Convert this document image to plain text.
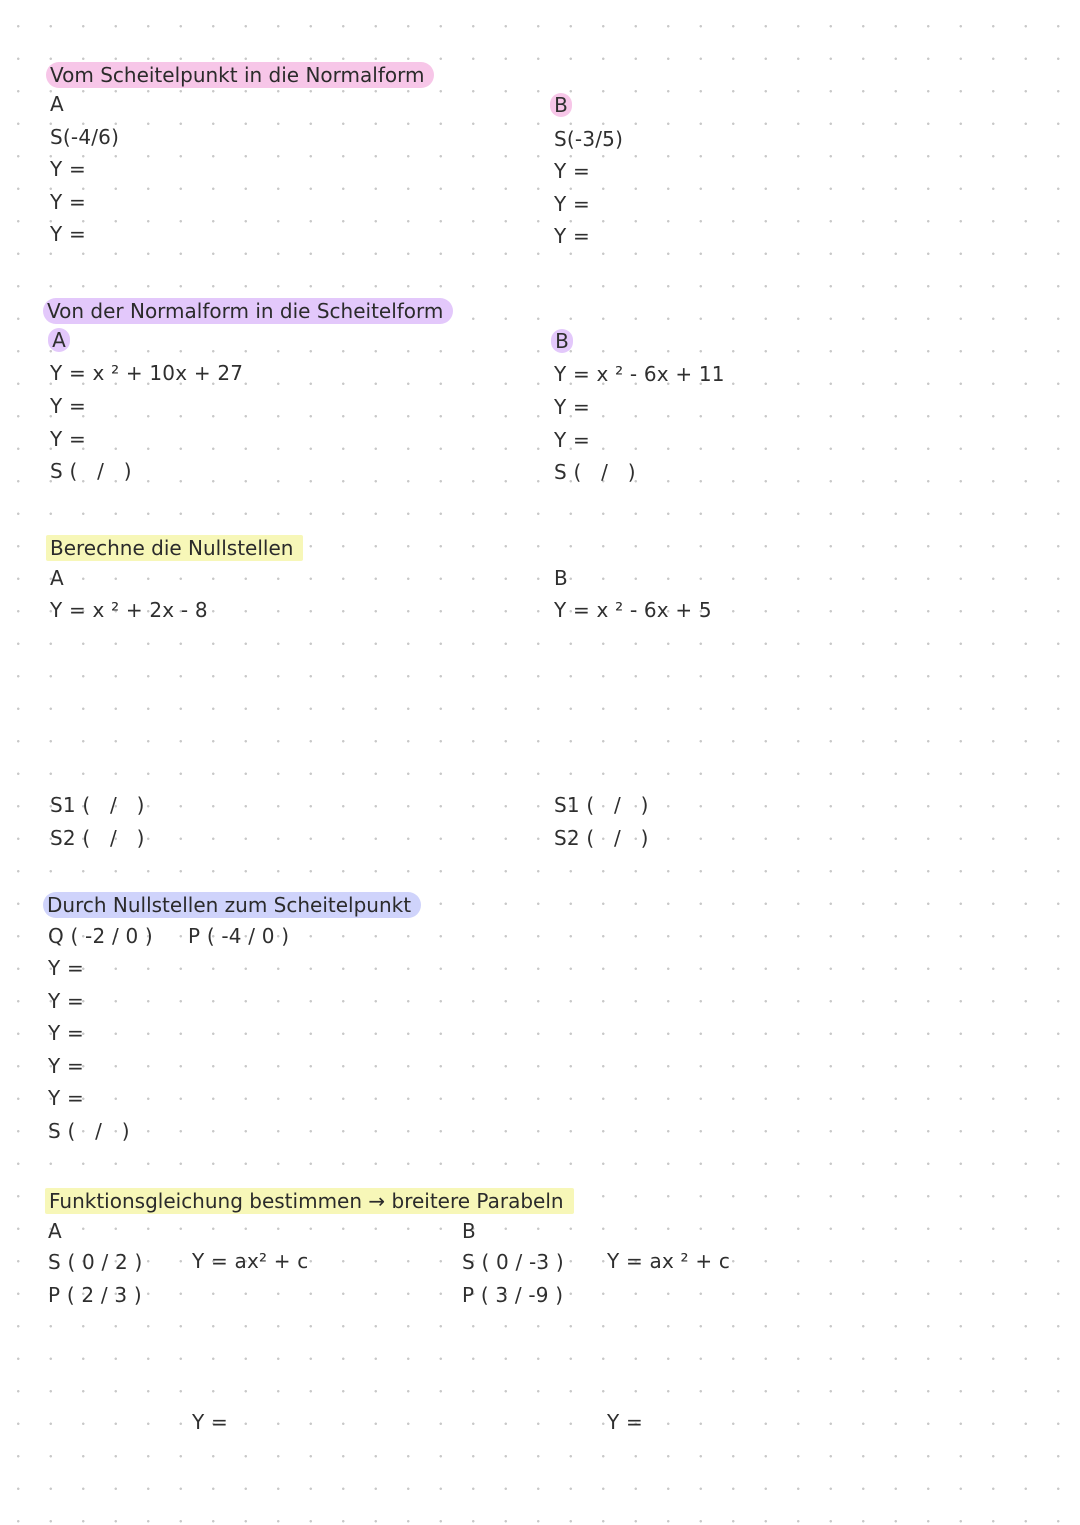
Vom Scheitelpunkt in die Normalform
A
S(-4/6)
Y =
Y =
Y =
B
S(-3/5)
Y =
Y =
Y =
Von der Normalform in die Scheitelform
A
Y = x ² + 10x + 27
Y =
Y =
S (   /   )
B
Y = x ² - 6x + 11
Y =
Y =
S (   /   )
Berechne die Nullstellen
A
Y = x ² + 2x - 8
S1 (   /   )
S2 (   /   )
B
Y = x ² - 6x + 5
S1 (   /   )
S2 (   /   )
Durch Nullstellen zum Scheitelpunkt
Q ( -2 / 0 ) P ( -4 / 0 )
Y =
Y =
Y =
Y =
Y =
S (   /   )
Funktionsgleichung bestimmen → breitere Parabeln
A
S ( 0 / 2 ) Y = ax² + c
P ( 2 / 3 )
Y =
B
S ( 0 / -3 ) Y = ax ² + c
P ( 3 / -9 )
Y =
